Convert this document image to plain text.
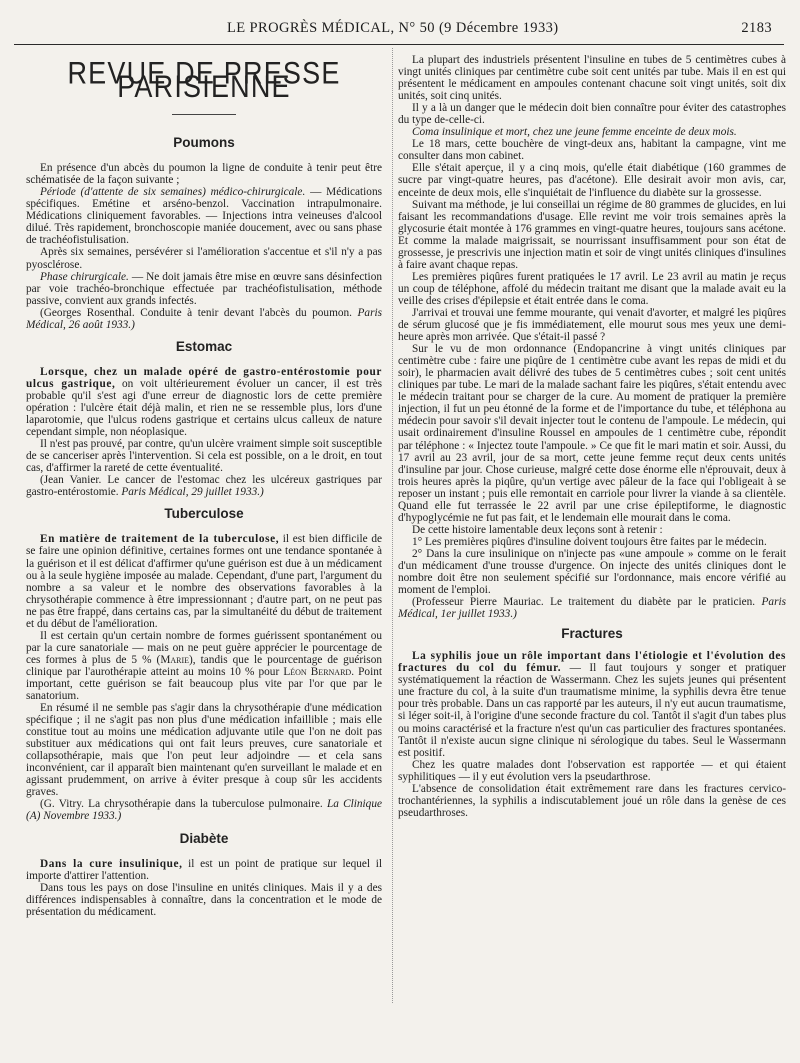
LE PROGRÈS MÉDICAL, N° 50 (9 Décembre 1933)	2183
REVUE DE PRESSE PARISIENNE
Poumons

En présence d'un abcès du poumon la ligne de conduite à tenir peut être schématisée de la façon suivante ;

Période (d'attente de six semaines) médico-chirurgicale. — Médications spécifiques. Emétine et arséno-benzol. Vaccination intrapulmonaire. Médications cliniquement favorables. — Injections intra veineuses d'alcool dilué. Très rapidement, bronchoscopie maniée doucement, avec ou sans phase de trachéofistulisation.

Après six semaines, persévérer si l'amélioration s'accentue et s'il n'y a pas pyosclérose.

Phase chirurgicale. — Ne doit jamais être mise en œuvre sans désinfection par voie trachéo-bronchique effectuée par trachéofistulisation, méthode passive, convient aux grands infectés.

(Georges Rosenthal. Conduite à tenir devant l'abcès du poumon. Paris Médical, 26 août 1933.)

Estomac

Lorsque, chez un malade opéré de gastro-entérostomie pour ulcus gastrique, on voit ultérieurement évoluer un cancer, il est très probable qu'il s'est agi d'une erreur de diagnostic lors de cette première opération : l'ulcère était déjà malin, et rien ne se ressemble plus, lors d'une laparotomie, que l'ulcus rodens gastrique et certains ulcus calleux de nature cependant simple, non néoplasique.

Il n'est pas prouvé, par contre, qu'un ulcère vraiment simple soit susceptible de se canceriser après l'intervention. Si cela est possible, on a le droit, en tout cas, d'affirmer la rareté de cette éventualité.

(Jean Vanier. Le cancer de l'estomac chez les ulcéreux gastriques par gastro-entérostomie. Paris Médical, 29 juillet 1933.)

Tuberculose

En matière de traitement de la tuberculose, il est bien difficile de se faire une opinion définitive, certaines formes ont une tendance spontanée à la guérison et il est délicat d'affirmer qu'une guérison est due à un médicament ou à la seule hygiène imposée au malade. Cependant, d'une part, l'argument du nombre a sa valeur et le nombre des observations favorables à la chrysothérapie commence à être impressionnant ; d'autre part, on ne peut pas ne pas être frappé, dans certains cas, par la simultanéité du début de traitement et du début de l'amélioration.

Il est certain qu'un certain nombre de formes guérissent spontanément ou par la cure sanatoriale — mais on ne peut guère apprécier le pourcentage de ces formes à plus de 5 % (Marie), tandis que le pourcentage de guérison clinique par l'aurothérapie atteint au moins 10 % pour Léon Bernard. Point important, cette guérison se fait beaucoup plus vite par l'or que par le sanatorium.

En résumé il ne semble pas s'agir dans la chrysothérapie d'une médication spécifique ; il ne s'agit pas non plus d'une médication infaillible ; mais elle constitue tout au moins une médication adjuvante utile que l'on ne doit pas substituer aux médications qui ont fait leurs preuves, cure sanatoriale et collapsothérapie, mais que l'on peut leur adjoindre — et cela sans inconvénient, car il apparaît bien maintenant qu'en surveillant le malade et en agissant prudemment, on arrive à éviter presque à coup sûr les accidents graves.

(G. Vitry. La chrysothérapie dans la tuberculose pulmonaire. La Clinique (A) Novembre 1933.)

Diabète

Dans la cure insulinique, il est un point de pratique sur lequel il importe d'attirer l'attention.

Dans tous les pays on dose l'insuline en unités cliniques. Mais il y a des différences indispensables à connaître, dans la concentration et le mode de présentation du médicament.

La plupart des industriels présentent l'insuline en tubes de 5 centimètres cubes à vingt unités cliniques par centimètre cube soit cent unités par tube. Mais il en est qui présentent le médicament en ampoules contenant chacune soit vingt unités, soit dix unités, soit cinq unités.

Il y a là un danger que le médecin doit bien connaître pour éviter des catastrophes du type de-celle-ci.

Coma insulinique et mort, chez une jeune femme enceinte de deux mois.

Le 18 mars, cette bouchère de vingt-deux ans, habitant la campagne, vint me consulter dans mon cabinet.

Elle s'était aperçue, il y a cinq mois, qu'elle était diabétique (160 grammes de sucre par vingt-quatre heures, pas d'acétone). Elle desirait avoir mon avis, car, enceinte de deux mois, elle s'inquiétait de l'influence du diabète sur la grossesse.

Suivant ma méthode, je lui conseillai un régime de 80 grammes de glucides, en lui faisant les recommandations d'usage. Elle revint me voir trois semaines après la glycosurie était montée à 176 grammes en vingt-quatre heures, toujours sans acétone. Et comme la malade maigrissait, se nourrissant insuffisamment pour son état de grossesse, je prescrivis une injection matin et soir de vingt unités cliniques d'insulines à faire avant chaque repas.

Les premières piqûres furent pratiquées le 17 avril. Le 23 avril au matin je reçus un coup de téléphone, affolé du médecin traitant me disant que la malade avait eu la veille des crises d'épilepsie et était entrée dans le coma.

J'arrivai et trouvai une femme mourante, qui venait d'avorter, et malgré les piqûres de sérum glucosé que je fis immédiatement, elle mourut sous mes yeux une demi-heure après mon arrivée. Que s'était-il passé ?

Sur le vu de mon ordonnance (Endopancrine à vingt unités cliniques par centimètre cube : faire une piqûre de 1 centimètre cube avant les repas de midi et du soir), le pharmacien avait délivré des tubes de 5 centimètres cubes ; soit cent unités cliniques par tube. Le mari de la malade sachant faire les piqûres, s'était entendu avec le médecin traitant pour se charger de la cure. Au moment de pratiquer la première injection, il fut un peu étonné de la forme et de l'importance du tube, et téléphona au médecin pour savoir s'il devait injecter tout le contenu de l'ampoule. Le médecin, qui usait ordinairement d'insuline Roussel en ampoules de 1 centimètre cube, répondit par téléphone : « Injectez toute l'ampoule. » Ce que fit le mari matin et soir. Aussi, du 17 avril au 23 avril, jour de sa mort, cette jeune femme reçut deux cents unités d'insuline par jour. Chose curieuse, malgré cette dose énorme elle n'éprouvait, deux à trois heures après la piqûre, qu'un vertige avec pâleur de la face qui l'obligeait à se reposer un instant ; puis elle remontait en carriole pour livrer la viande à sa clientèle. Quand elle fut terrassée le 22 avril par une crise épileptiforme, le diagnostic d'hypoglycémie ne fut pas fait, et le lendemain elle mourait dans le coma.

De cette histoire lamentable deux leçons sont à retenir :

1° Les premières piqûres d'insuline doivent toujours être faites par le médecin.

2° Dans la cure insulinique on n'injecte pas «une ampoule » comme on le ferait d'un médicament d'une trousse d'urgence. On injecte des unités cliniques dont le nombre doit être non seulement spécifié sur l'ordonnance, mais encore vérifié au moment de l'emploi.

(Professeur Pierre Mauriac. Le traitement du diabète par le praticien. Paris Médical, 1er juillet 1933.)

Fractures

La syphilis joue un rôle important dans l'étiologie et l'évolution des fractures du col du fémur. — Il faut toujours y songer et pratiquer systématiquement la réaction de Wassermann. Chez les sujets jeunes qui présentent une fracture du col, à la suite d'un traumatisme minime, la syphilis devra être tenue pour très probable. Dans un cas rapporté par les auteurs, il n'y eut aucun traumatisme, si léger soit-il, à l'origine d'une seconde fracture du col. Tantôt il s'agit d'un tabes plus ou moins caractérisé et la fracture n'est qu'un cas particulier des fractures spontanées. Tantôt il n'existe aucun signe clinique ni sérologique du tabes. Seul le Wassermann est positif.

Chez les quatre malades dont l'observation est rapportée — et qui étaient syphilitiques — il y eut évolution vers la pseudarthrose.

L'absence de consolidation était extrêmement rare dans les fractures cervico-trochantériennes, la syphilis a indiscutablement joué un rôle dans la genèse de ces pseudarthroses.
